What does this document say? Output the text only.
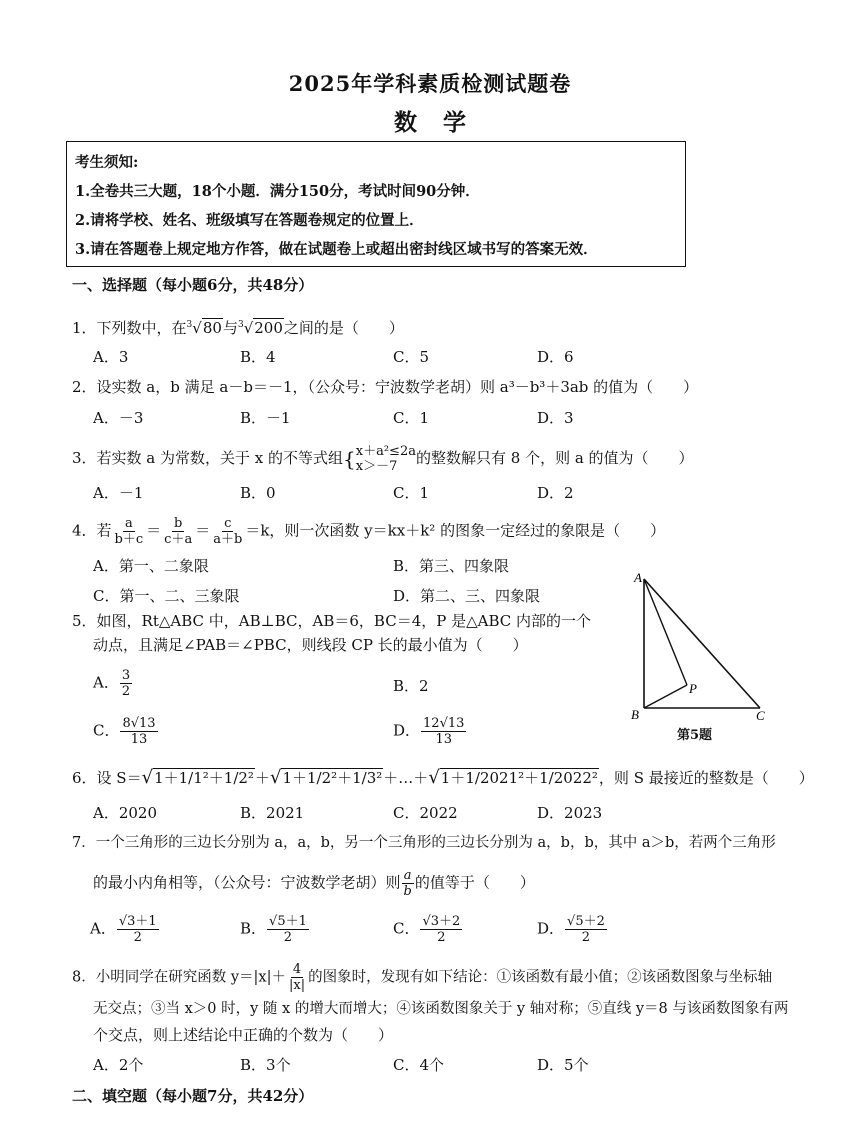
2025年学科素质检测试题卷
数学
考生须知:
1.全卷共三大题，18个小题．满分150分，考试时间90分钟．
2.请将学校、姓名、班级填写在答题卷规定的位置上．
3.请在答题卷上规定地方作答，做在试题卷上或超出密封线区域书写的答案无效．
一、选择题（每小题6分，共48分）
1．下列数中，在$^3$√80与$^3$√200之间的是（　　）
A．3	B．4	C．5	D．6
2．设实数 a，b 满足 a－b＝－1，（公众号：宁波数学老胡）则 a³－b³＋3ab 的值为（　　）
A．－3	B．－1	C．1	D．3
3．若实数 a 为常数，关于 x 的不等式组{ x＋a²≤2a
x＞－7	的整数解只有 8 个，则 a 的值为（　　）
A．－1	B．0	C．1	D．2
4．若 $\frac{a}{b+c} = \frac{b}{c+a} = \frac{c}{a+b} =k$，则一次函数 y＝kx＋k² 的图象一定经过的象限是（　　）
A．第一、二象限	B．第三、四象限
C．第一、二、三象限	D．第二、三、四象限
5．如图，Rt△ABC 中，AB⊥BC，AB＝6，BC＝4，P 是△ABC 内部的一个
动点，且满足∠PAB＝∠PBC，则线段 CP 长的最小值为（　　）
A． $\frac{3}{2}$	B．2
C． $\frac{8√13}{13}$	D． $\frac{12√13}{13}$
A
B	C
P
第5题
6．设 S＝√1＋1/1²＋1/2²＋√1＋1/2²＋1/3²＋…＋√1＋1/2021²＋1/2022²，则 S 最接近的整数是（　　）
A．2020	B．2021	C．2022	D．2023
7．一个三角形的三边长分别为 a，a，b，另一个三角形的三边长分别为 a，b，b，其中 a＞b，若两个三角形
的最小内角相等，（公众号：宁波数学老胡）则 $\frac{a}{b}$ 的值等于（　　）
A． $\frac{√3+1}{2}$	B． $\frac{√5+1}{2}$	C． $\frac{√3+2}{2}$	D． $\frac{√5+2}{2}$
8．小明同学在研究函数 $y=|x|+ \frac{4}{|x|}$ 的图象时，发现有如下结论：①该函数有最小值；②该函数图象与坐标轴
无交点；③当 x＞0 时，y 随 x 的增大而增大；④该函数图象关于 y 轴对称；⑤直线 y＝8 与该函数图象有两
个交点，则上述结论中正确的个数为（　　）
A．2个	B．3个	C．4个	D．5个
二、填空题（每小题7分，共42分）
